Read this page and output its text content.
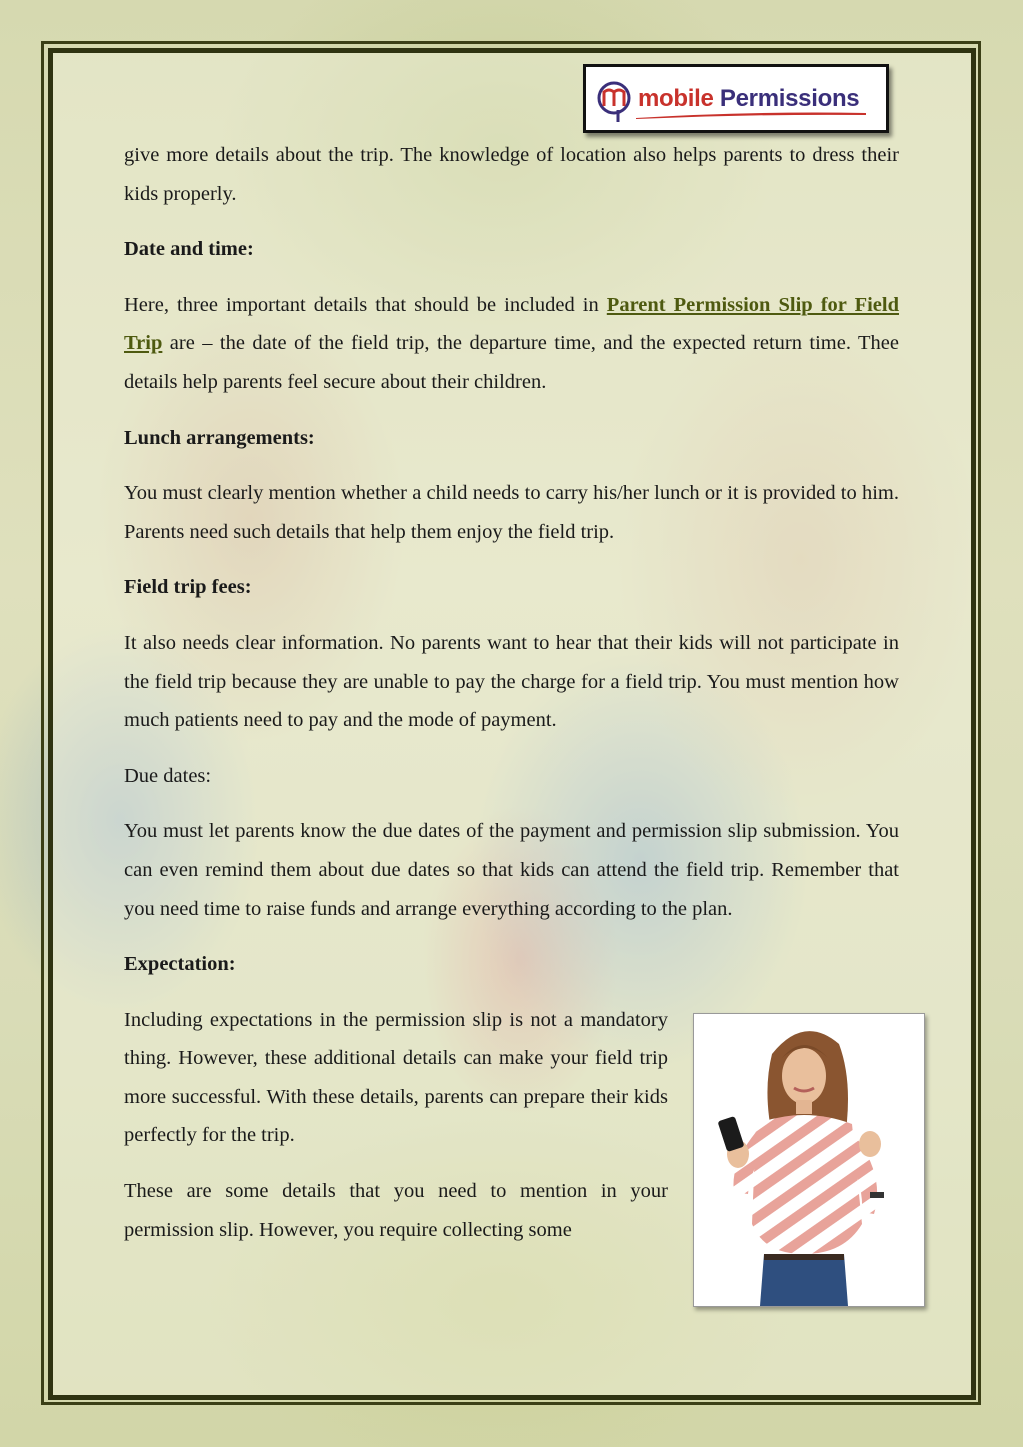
mobile Permissions

give more details about the trip. The knowledge of location also helps parents to dress their kids properly.

Date and time:

Here, three important details that should be included in Parent Permission Slip for Field Trip are – the date of the field trip, the departure time, and the expected return time. Thee details help parents feel secure about their children.

Lunch arrangements:

You must clearly mention whether a child needs to carry his/her lunch or it is provided to him. Parents need such details that help them enjoy the field trip.

Field trip fees:

It also needs clear information. No parents want to hear that their kids will not participate in the field trip because they are unable to pay the charge for a field trip. You must mention how much patients need to pay and the mode of payment.

Due dates:

You must let parents know the due dates of the payment and permission slip submission. You can even remind them about due dates so that kids can attend the field trip. Remember that you need time to raise funds and arrange everything according to the plan.

Expectation:

Including expectations in the permission slip is not a mandatory thing. However, these additional details can make your field trip more successful. With these details, parents can prepare their kids perfectly for the trip.

These are some details that you need to mention in your permission slip. However, you require collecting some
